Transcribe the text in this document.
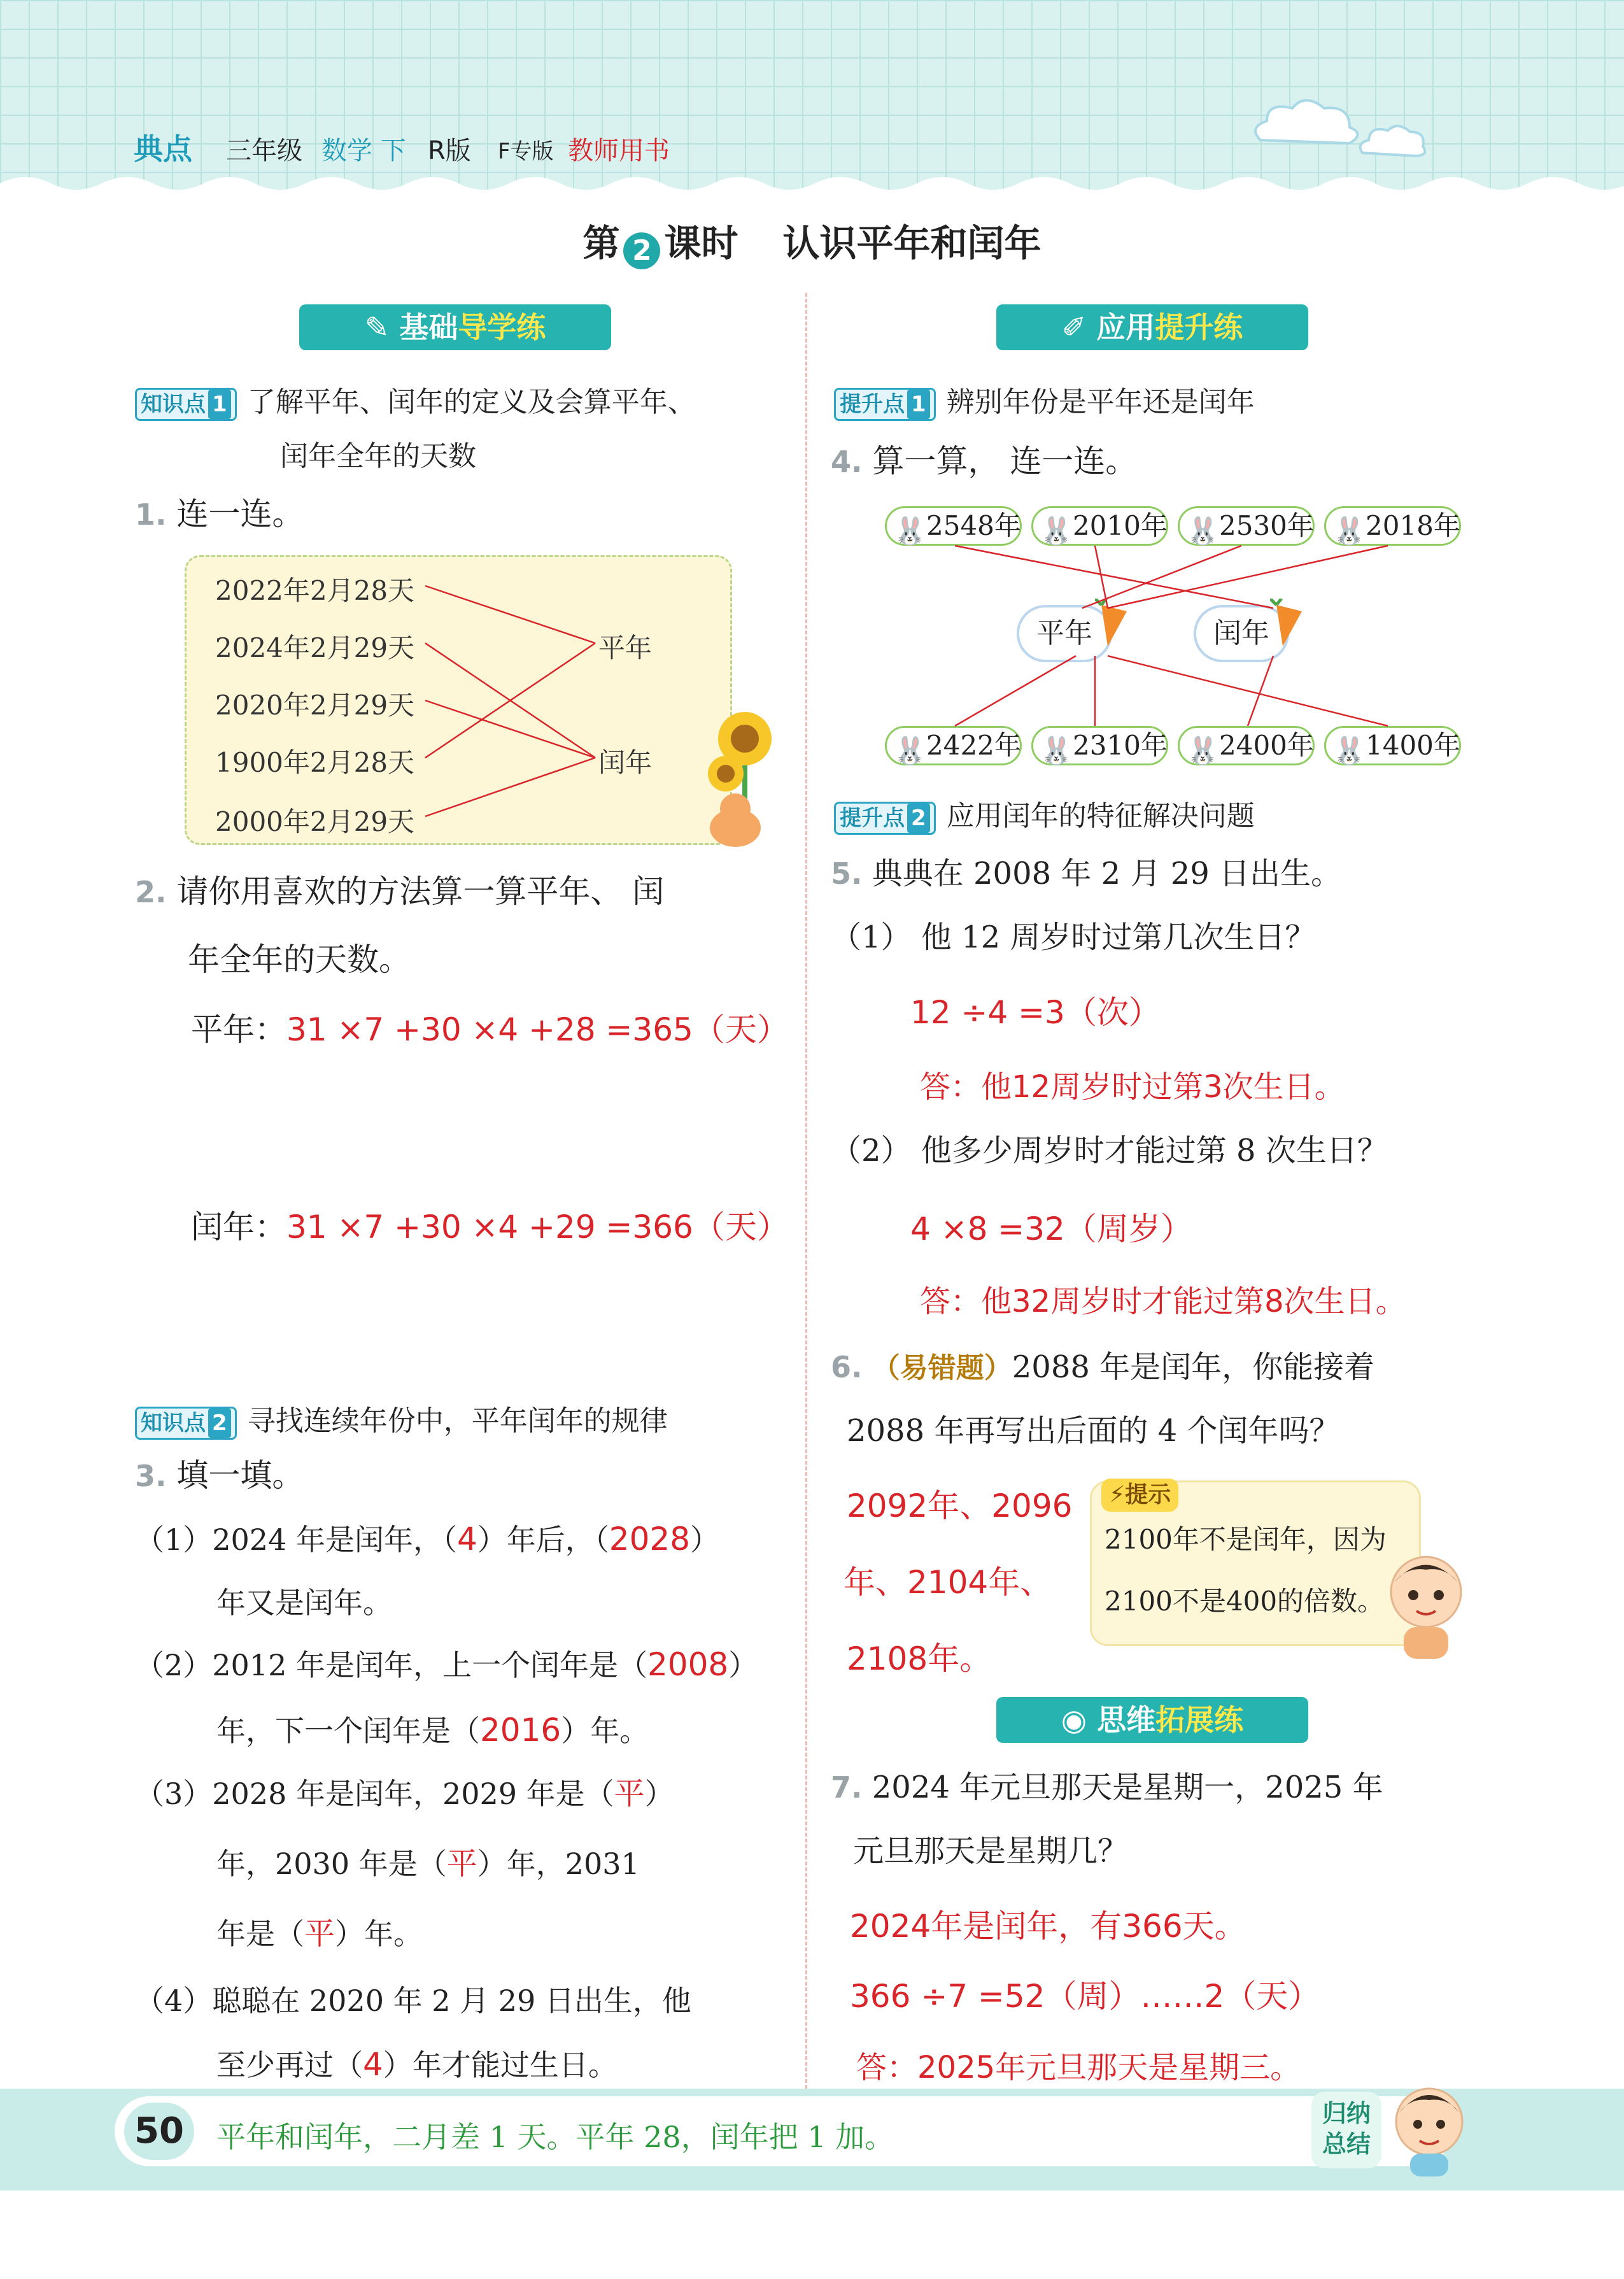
典点 三年级 数学 下 R版 F专版 教师用书
第 2 课时 认识平年和闰年
✎ 基础导学练
知识点 1 了解平年、闰年的定义及会算平年、
闰年全年的天数
1. 连一连。
2022年2月28天
2024年2月29天
2020年2月29天
1900年2月28天
2000年2月29天
平年
闰年
2. 请你用喜欢的方法算一算平年、 闰
年全年的天数。
平年：31 ×7 +30 ×4 +28 =365（天）
闰年：31 ×7 +30 ×4 +29 =366（天）
知识点 2 寻找连续年份中，平年闰年的规律
3. 填一填。
（1）2024 年是闰年，（4）年后，（2028）
年又是闰年。
（2）2012 年是闰年，上一个闰年是（2008）
年，下一个闰年是（2016）年。
（3）2028 年是闰年，2029 年是（平）
年，2030 年是（平）年，2031
年是（平）年。
（4）聪聪在 2020 年 2 月 29 日出生，他
至少再过（4）年才能过生日。
✐ 应用提升练
提升点 1 辨别年份是平年还是闰年
4. 算一算， 连一连。
🐰 2548年 🐰 2010年 🐰 2530年 🐰 2018年
平年	闰年
🐰 2422年 🐰 2310年 🐰 2400年 🐰 1400年
提升点 2 应用闰年的特征解决问题
5. 典典在 2008 年 2 月 29 日出生。
（1） 他 12 周岁时过第几次生日？
12 ÷4 =3（次）
答：他12周岁时过第3次生日。
（2） 他多少周岁时才能过第 8 次生日？
4 ×8 =32（周岁）
答：他32周岁时才能过第8次生日。
6. （易错题）2088 年是闰年，你能接着
2088 年再写出后面的 4 个闰年吗？
2092年、2096
年、2104年、
2108年。
⚡提示
2100年不是闰年，因为
2100不是400的倍数。
◉ 思维拓展练
7. 2024 年元旦那天是星期一，2025 年
元旦那天是星期几？
2024年是闰年，有366天。
366 ÷7 =52（周）……2（天）
答：2025年元旦那天是星期三。
50	平年和闰年，二月差 1 天。平年 28，闰年把 1 加。
归纳
总结
